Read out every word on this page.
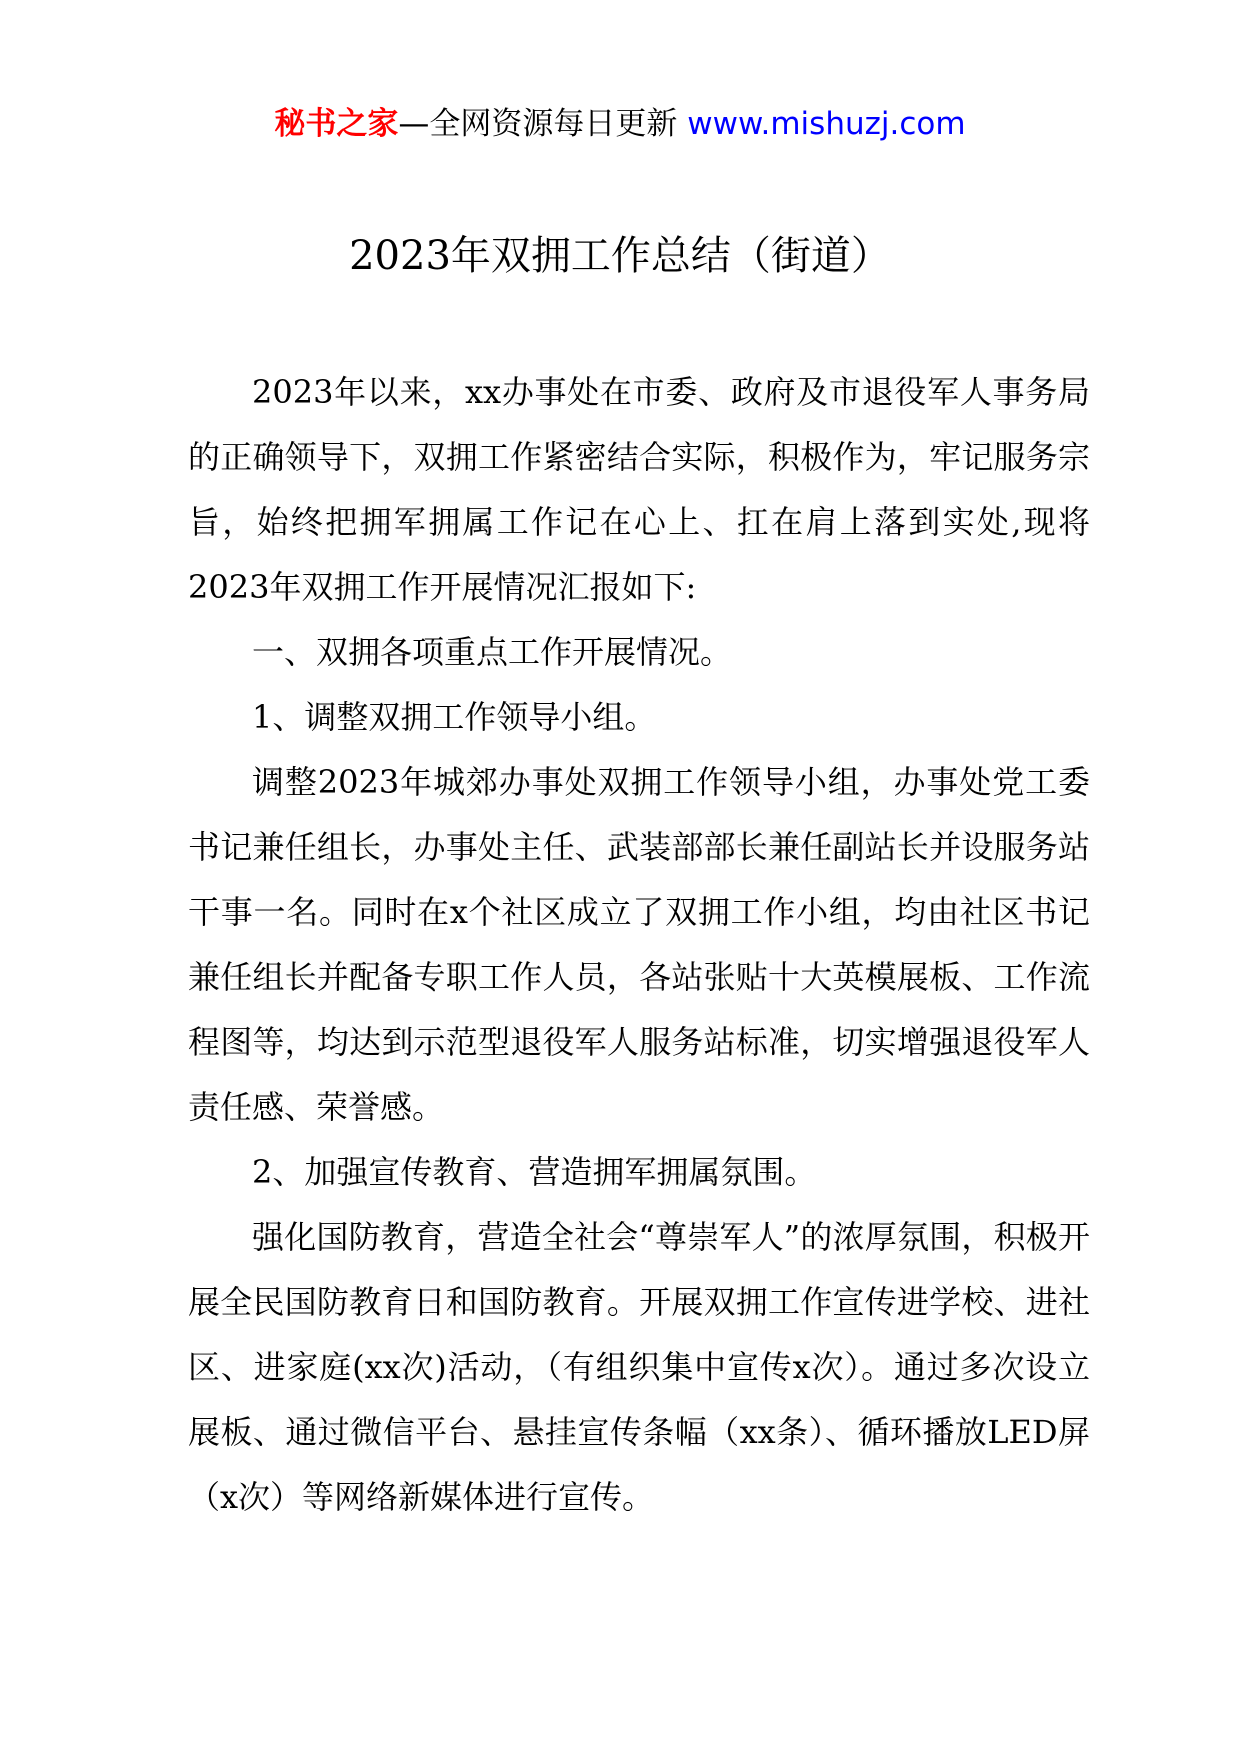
秘书之家—全网资源每日更新 www.mishuzj.com
2023年双拥工作总结（街道）

2023年以来，xx办事处在市委、政府及市退役军人事务局的正确领导下，双拥工作紧密结合实际，积极作为，牢记服务宗旨，始终把拥军拥属工作记在心上、扛在肩上落到实处,现将2023年双拥工作开展情况汇报如下:

一、双拥各项重点工作开展情况。

1、调整双拥工作领导小组。

调整2023年城郊办事处双拥工作领导小组，办事处党工委书记兼任组长，办事处主任、武装部部长兼任副站长并设服务站干事一名。同时在x个社区成立了双拥工作小组，均由社区书记兼任组长并配备专职工作人员，各站张贴十大英模展板、工作流程图等，均达到示范型退役军人服务站标准，切实增强退役军人责任感、荣誉感。

2、加强宣传教育、营造拥军拥属氛围。

强化国防教育，营造全社会“尊崇军人”的浓厚氛围，积极开展全民国防教育日和国防教育。开展双拥工作宣传进学校、进社区、进家庭(xx次)活动，（有组织集中宣传x次）。通过多次设立展板、通过微信平台、悬挂宣传条幅（xx条）、循环播放LED屏（x次）等网络新媒体进行宣传。
